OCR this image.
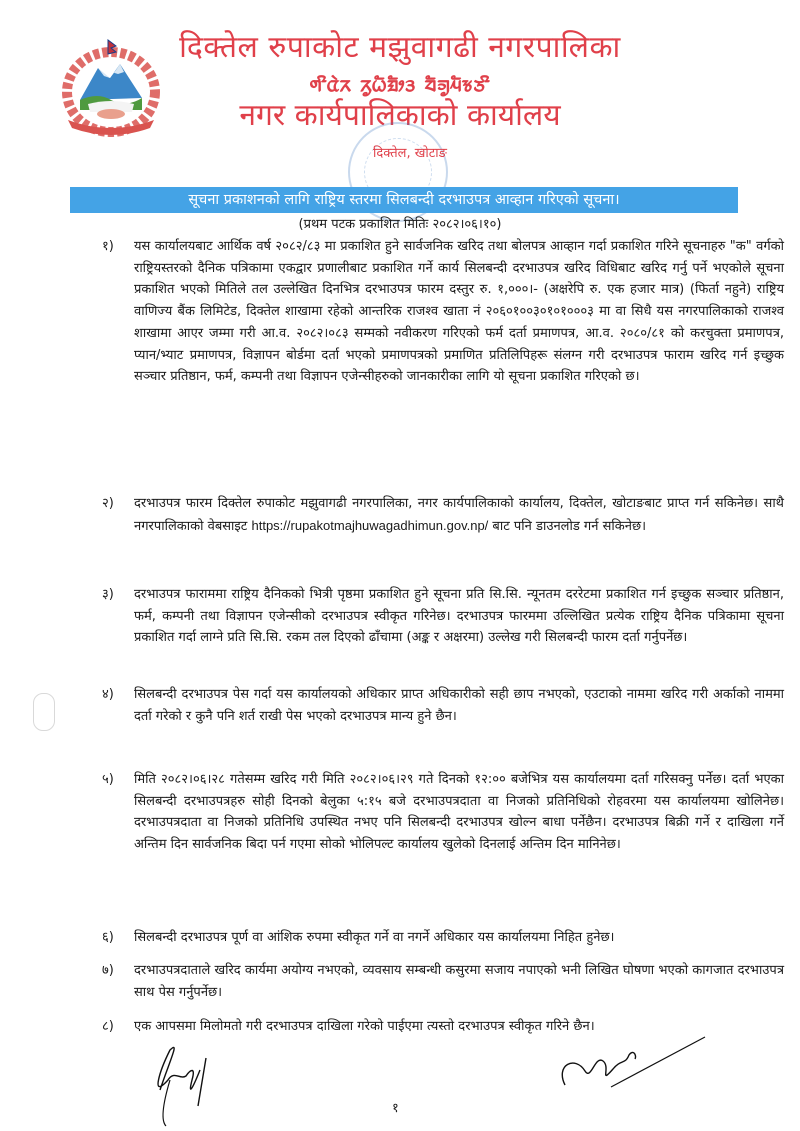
दिक्तेल रुपाकोट मझुवागढी नगरपालिका
ᤛᤡᤂᤧᤖ ᤖᤢᤐᤠᤀᤥᤋ ᤔᤠᤈᤢᤘᤠᤃᤍᤡ
नगर कार्यपालिकाको कार्यालय
दिक्तेल, खोटाङ
सूचना प्रकाशनको लागि राष्ट्रिय स्तरमा सिलबन्दी दरभाउपत्र आव्हान गरिएको सूचना।
(प्रथम पटक प्रकाशित मितिः २०८२।०६।१०)
१) यस कार्यालयबाट आर्थिक वर्ष २०८२/८३ मा प्रकाशित हुने सार्वजनिक खरिद तथा बोलपत्र आव्हान गर्दा प्रकाशित गरिने सूचनाहरु "क" वर्गको राष्ट्रियस्तरको दैनिक पत्रिकामा एकद्वार प्रणालीबाट प्रकाशित गर्ने कार्य सिलबन्दी दरभाउपत्र खरिद विधिबाट खरिद गर्नु पर्ने भएकोले सूचना प्रकाशित भएको मितिले तल उल्लेखित दिनभित्र दरभाउपत्र फारम दस्तुर रु. १,०००।- (अक्षरेपि रु. एक हजार मात्र) (फिर्ता नहुने) राष्ट्रिय वाणिज्य बैंक लिमिटेड, दिक्तेल शाखामा रहेको आन्तरिक राजश्व खाता नं २०६०१००३०१०१०००३ मा वा सिधै यस नगरपालिकाको राजश्व शाखामा आएर जम्मा गरी आ.व. २०८२।०८३ सम्मको नवीकरण गरिएको फर्म दर्ता प्रमाणपत्र, आ.व. २०८०/८१ को करचुक्ता प्रमाणपत्र, प्यान/भ्याट प्रमाणपत्र, विज्ञापन बोर्डमा दर्ता भएको प्रमाणपत्रको प्रमाणित प्रतिलिपिहरू संलग्न गरी दरभाउपत्र फाराम खरिद गर्न इच्छुक सञ्चार प्रतिष्ठान, फर्म, कम्पनी तथा विज्ञापन एजेन्सीहरुको जानकारीका लागि यो सूचना प्रकाशित गरिएको छ।
२) दरभाउपत्र फारम दिक्तेल रुपाकोट मझुवागढी नगरपालिका, नगर कार्यपालिकाको कार्यालय, दिक्तेल, खोटाङबाट प्राप्त गर्न सकिनेछ। साथै नगरपालिकाको वेबसाइट https://rupakotmajhuwagadhimun.gov.np/ बाट पनि डाउनलोड गर्न सकिनेछ।
३) दरभाउपत्र फाराममा राष्ट्रिय दैनिकको भित्री पृष्ठमा प्रकाशित हुने सूचना प्रति सि.सि. न्यूनतम दररेटमा प्रकाशित गर्न इच्छुक सञ्चार प्रतिष्ठान, फर्म, कम्पनी तथा विज्ञापन एजेन्सीको दरभाउपत्र स्वीकृत गरिनेछ। दरभाउपत्र फारममा उल्लिखित प्रत्येक राष्ट्रिय दैनिक पत्रिकामा सूचना प्रकाशित गर्दा लाग्ने प्रति सि.सि. रकम तल दिएको ढाँचामा (अङ्क र अक्षरमा) उल्लेख गरी सिलबन्दी फारम दर्ता गर्नुपर्नेछ।
४) सिलबन्दी दरभाउपत्र पेस गर्दा यस कार्यालयको अधिकार प्राप्त अधिकारीको सही छाप नभएको, एउटाको नाममा खरिद गरी अर्काको नाममा दर्ता गरेको र कुनै पनि शर्त राखी पेस भएको दरभाउपत्र मान्य हुने छैन।
५) मिति २०८२।०६।२८ गतेसम्म खरिद गरी मिति २०८२।०६।२९ गते दिनको १२:०० बजेभित्र यस कार्यालयमा दर्ता गरिसक्नु पर्नेछ। दर्ता भएका सिलबन्दी दरभाउपत्रहरु सोही दिनको बेलुका ५:१५ बजे दरभाउपत्रदाता वा निजको प्रतिनिधिको रोहवरमा यस कार्यालयमा खोलिनेछ। दरभाउपत्रदाता वा निजको प्रतिनिधि उपस्थित नभए पनि सिलबन्दी दरभाउपत्र खोल्न बाधा पर्नेछैन। दरभाउपत्र बिक्री गर्ने र दाखिला गर्ने अन्तिम दिन सार्वजनिक बिदा पर्न गएमा सोको भोलिपल्ट कार्यालय खुलेको दिनलाई अन्तिम दिन मानिनेछ।
६) सिलबन्दी दरभाउपत्र पूर्ण वा आंशिक रुपमा स्वीकृत गर्ने वा नगर्ने अधिकार यस कार्यालयमा निहित हुनेछ।
७) दरभाउपत्रदाताले खरिद कार्यमा अयोग्य नभएको, व्यवसाय सम्बन्धी कसुरमा सजाय नपाएको भनी लिखित घोषणा भएको कागजात दरभाउपत्र साथ पेस गर्नुपर्नेछ।
८) एक आपसमा मिलोमतो गरी दरभाउपत्र दाखिला गरेको पाईएमा त्यस्तो दरभाउपत्र स्वीकृत गरिने छैन।
१
